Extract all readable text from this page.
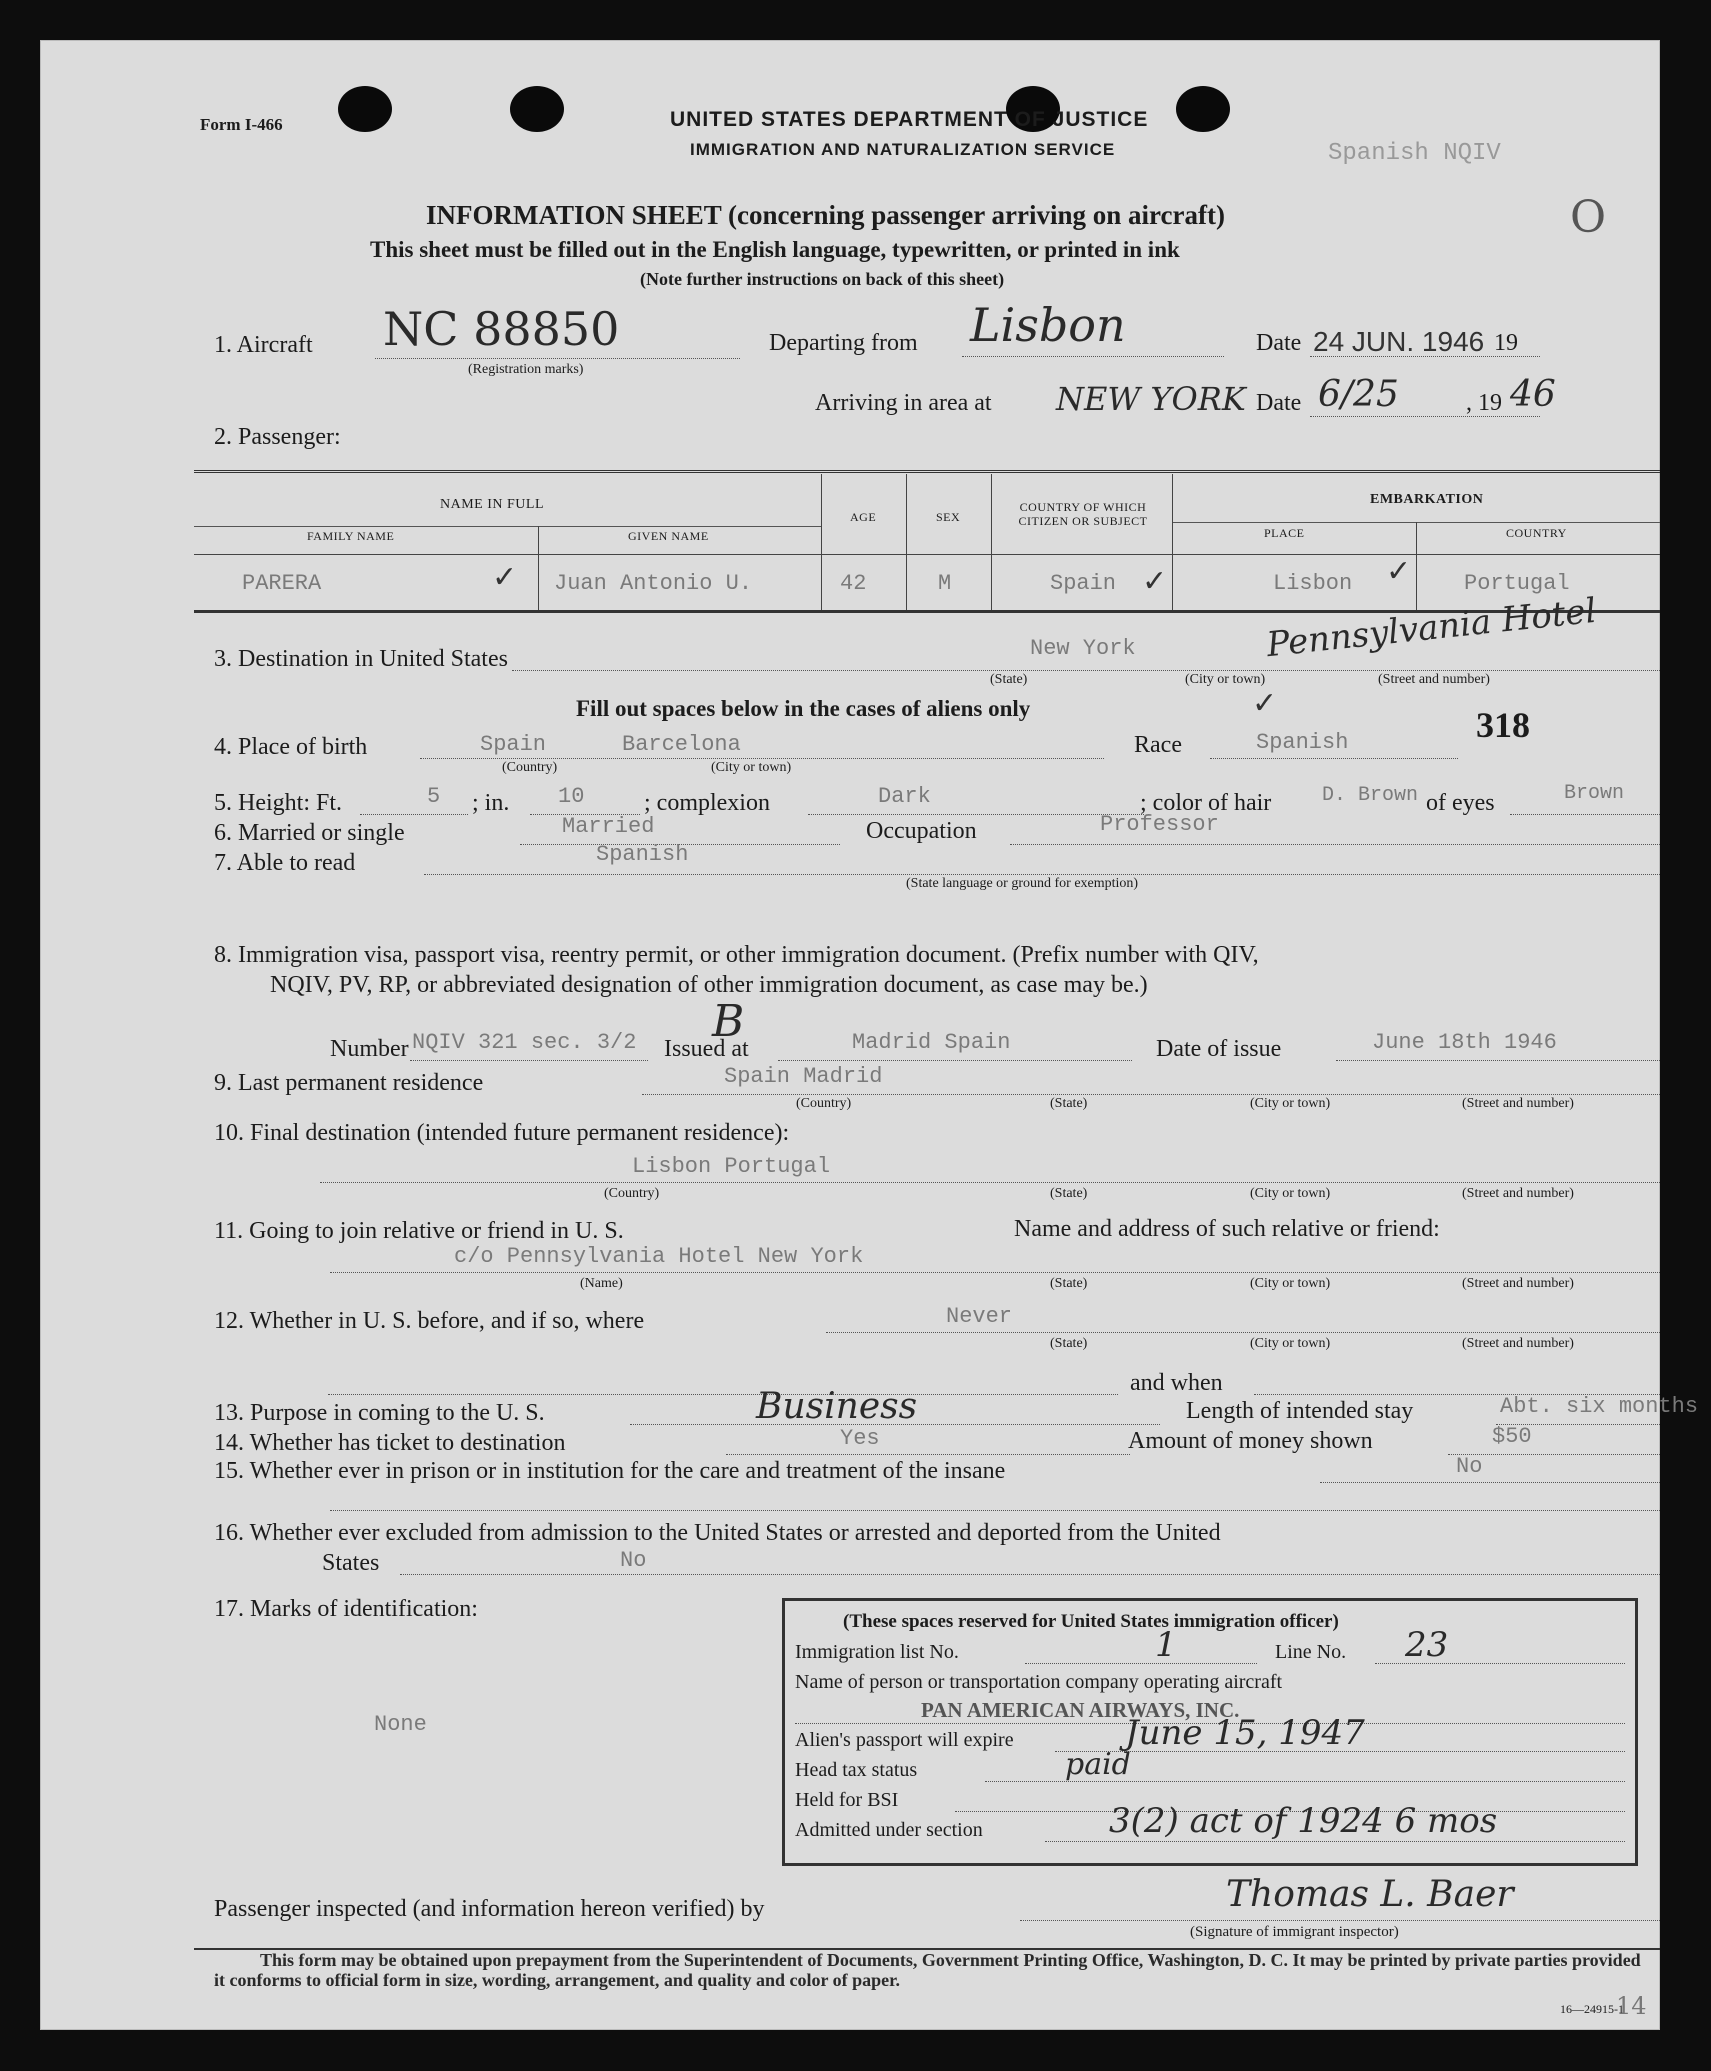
Form I-466	UNITED STATES DEPARTMENT OF JUSTICE
IMMIGRATION AND NATURALIZATION SERVICE	Spanish NQIV
O
INFORMATION SHEET (concerning passenger arriving on aircraft)
This sheet must be filled out in the English language, typewritten, or printed in ink
(Note further instructions on back of this sheet)
1. Aircraft NC 88850
(Registration marks)
Departing from Lisbon	Date 24 JUN. 1946 19
Arriving in area at NEW YORK Date 6/25	, 19 46
2. Passenger:
NAME IN FULL
FAMILY NAME	GIVEN NAME
AGE	SEX
COUNTRY OF WHICH CITIZEN OR SUBJECT
EMBARKATION
PLACE	COUNTRY
PARERA	✓ Juan Antonio U.	42	M	Spain ✓	Lisbon ✓ Portugal
3. Destination in United States	New York	Pennsylvania Hotel
(State)	(City or town)	(Street and number)
Fill out spaces below in the cases of aliens only	✓
4. Place of birth	Spain	Barcelona
(Country)	(City or town)
Race	Spanish	318
5. Height: Ft.	5 ; in. 10 ; complexion	Dark	; color of hair	D. Brown of eyes	Brown
6. Married or single	Married	Occupation	Professor
7. Able to read	Spanish
(State language or ground for exemption)
8. Immigration visa, passport visa, reentry permit, or other immigration document. (Prefix number with QIV,
NQIV, PV, RP, or abbreviated designation of other immigration document, as case may be.)
Number NQIV 321 sec. 3/2 B
Issued at	Madrid Spain	Date of issue	June 18th 1946
9. Last permanent residence	Spain Madrid
(Country)	(State)	(City or town)	(Street and number)
10. Final destination (intended future permanent residence):
Lisbon Portugal
(Country)	(State)	(City or town)	(Street and number)
11. Going to join relative or friend in U. S.	Name and address of such relative or friend:
c/o Pennsylvania Hotel New York
(Name)	(State)	(City or town)	(Street and number)
12. Whether in U. S. before, and if so, where	Never
(State)	(City or town)	(Street and number)
and when
13. Purpose in coming to the U. S.	Business	Length of intended stay	Abt. six months
14. Whether has ticket to destination	Yes	Amount of money shown	$50
15. Whether ever in prison or in institution for the care and treatment of the insane	No
16. Whether ever excluded from admission to the United States or arrested and deported from the United
States	No
17. Marks of identification:
None
(These spaces reserved for United States immigration officer)
Immigration list No.	1	Line No. 23
Name of person or transportation company operating aircraft
PAN AMERICAN AIRWAYS, INC.
Alien's passport will expire	June 15, 1947
Head tax status	paid
Held for BSI
Admitted under section	3(2) act of 1924 6 mos
Passenger inspected (and information hereon verified) by	Thomas L. Baer
(Signature of immigrant inspector)
This form may be obtained upon prepayment from the Superintendent of Documents, Government Printing Office, Washington, D. C. It may be printed by private parties provided it conforms to official form in size, wording, arrangement, and quality and color of paper.
16—24915-1
14
